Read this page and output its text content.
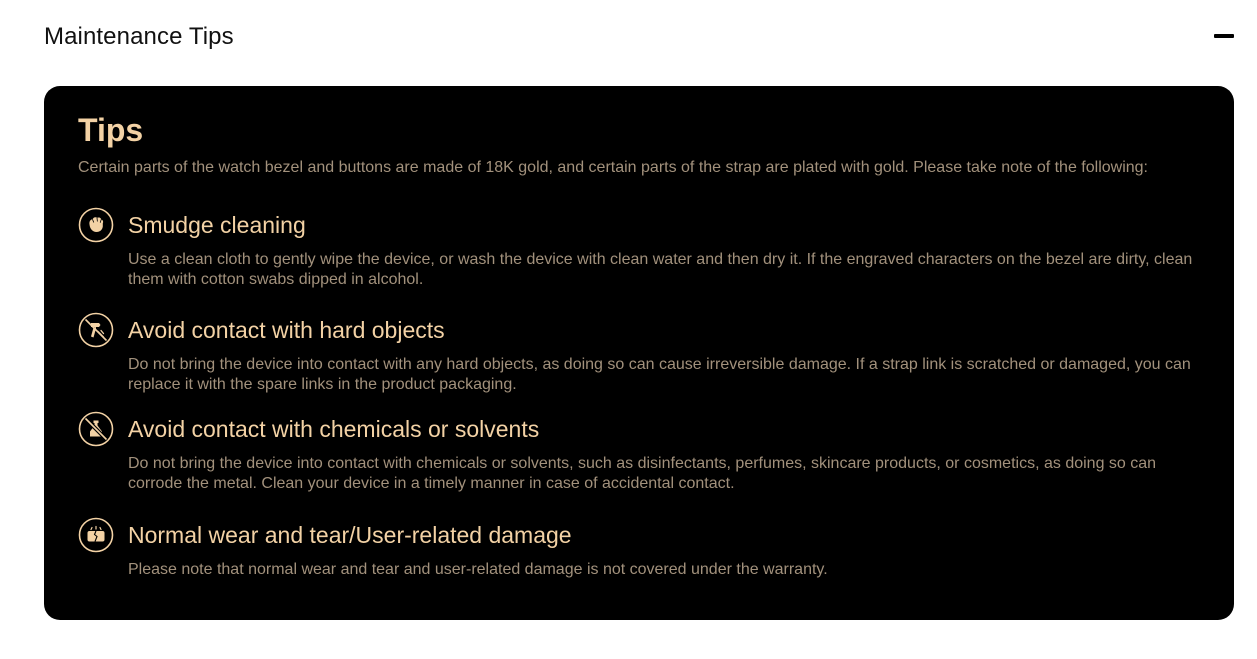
Maintenance Tips
Tips
Certain parts of the watch bezel and buttons are made of 18K gold, and certain parts of the strap are plated with gold. Please take note of the following:
Smudge cleaning
Use a clean cloth to gently wipe the device, or wash the device with clean water and then dry it. If the engraved characters on the bezel are dirty, clean them with cotton swabs dipped in alcohol.
Avoid contact with hard objects
Do not bring the device into contact with any hard objects, as doing so can cause irreversible damage. If a strap link is scratched or damaged, you can replace it with the spare links in the product packaging.
Avoid contact with chemicals or solvents
Do not bring the device into contact with chemicals or solvents, such as disinfectants, perfumes, skincare products, or cosmetics, as doing so can corrode the metal. Clean your device in a timely manner in case of accidental contact.
Normal wear and tear/User-related damage
Please note that normal wear and tear and user-related damage is not covered under the warranty.
